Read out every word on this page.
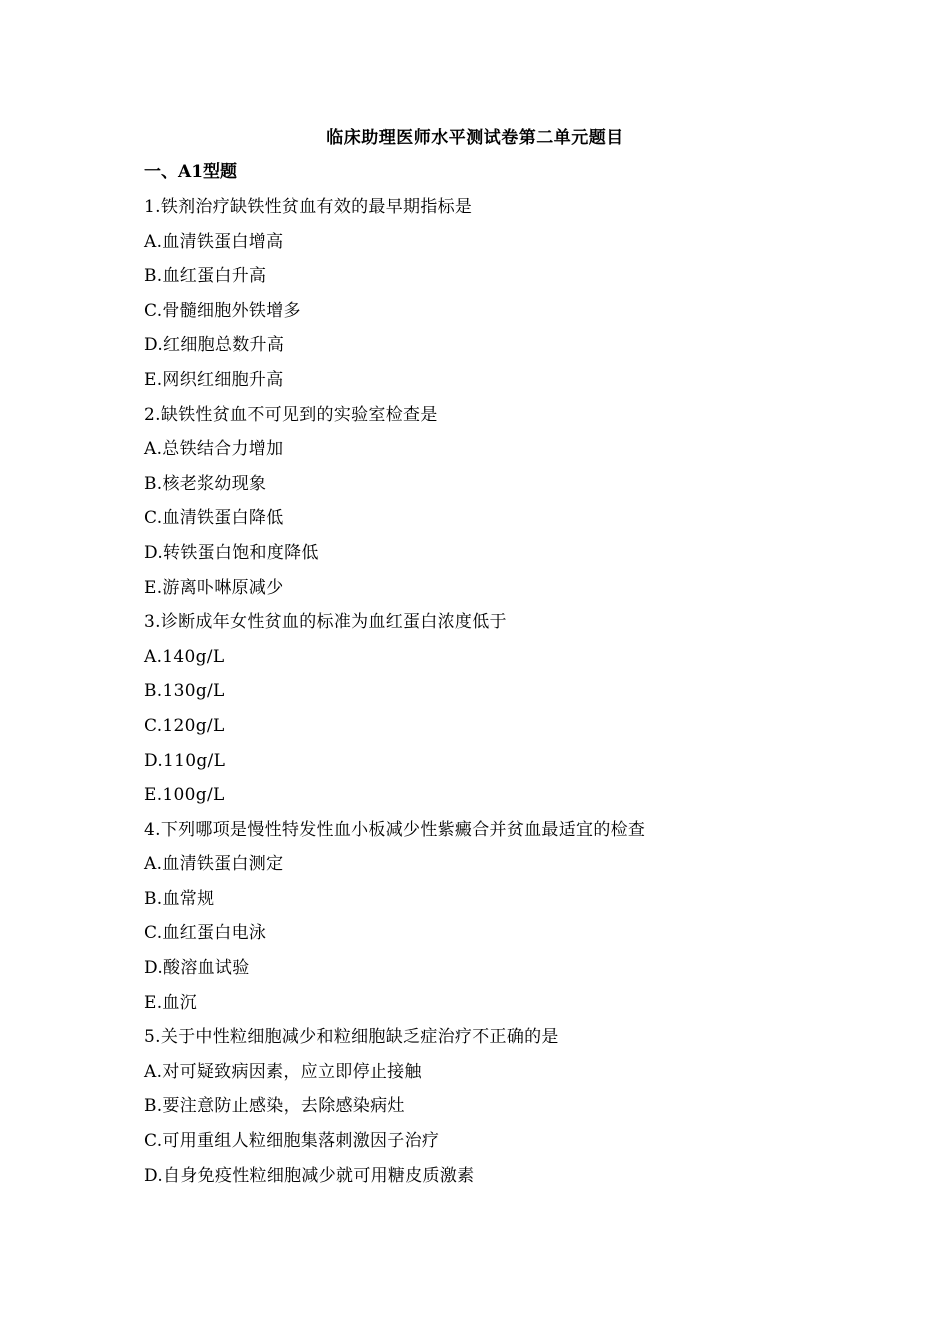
临床助理医师水平测试卷第二单元题目
一、A1型题
1.铁剂治疗缺铁性贫血有效的最早期指标是
A.血清铁蛋白增高
B.血红蛋白升高
C.骨髓细胞外铁增多
D.红细胞总数升高
E.网织红细胞升高
2.缺铁性贫血不可见到的实验室检查是
A.总铁结合力增加
B.核老浆幼现象
C.血清铁蛋白降低
D.转铁蛋白饱和度降低
E.游离卟啉原减少
3.诊断成年女性贫血的标准为血红蛋白浓度低于
A.140g/L
B.130g/L
C.120g/L
D.110g/L
E.100g/L
4.下列哪项是慢性特发性血小板减少性紫癜合并贫血最适宜的检查
A.血清铁蛋白测定
B.血常规
C.血红蛋白电泳
D.酸溶血试验
E.血沉
5.关于中性粒细胞减少和粒细胞缺乏症治疗不正确的是
A.对可疑致病因素，应立即停止接触
B.要注意防止感染，去除感染病灶
C.可用重组人粒细胞集落刺激因子治疗
D.自身免疫性粒细胞减少就可用糖皮质激素
